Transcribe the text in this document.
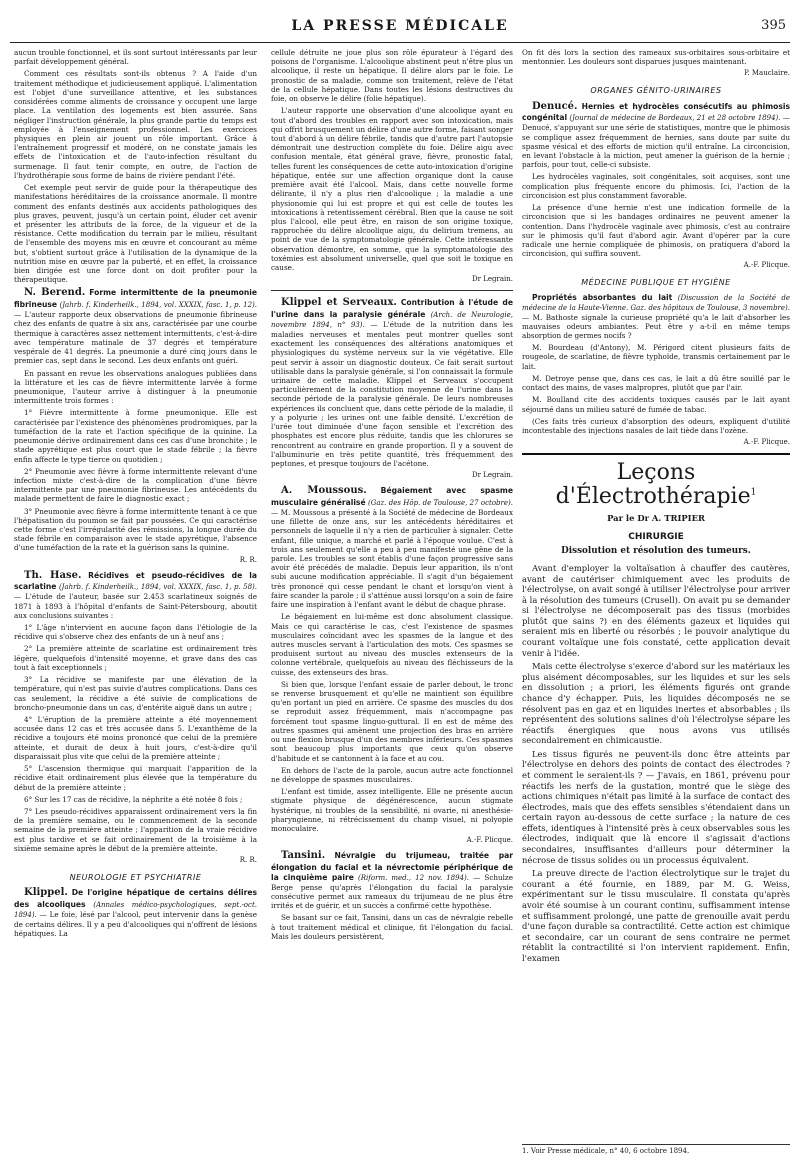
LA PRESSE MÉDICALE	395

aucun trouble fonctionnel, et ils sont surtout intéressants par leur parfait développement général.

Comment ces résultats sont-ils obtenus ? A l'aide d'un traitement méthodique et judicieusement appliqué. L'alimentation est l'objet d'une surveillance attentive, et les substances considérées comme aliments de croissance y occupent une large place. La ventilation des logements est bien assurée. Sans négliger l'instruction générale, la plus grande partie du temps est employée à l'enseignement professionnel. Les exercices physiques en plein air jouent un rôle important. Grâce à l'entraînement progressif et modéré, on ne constate jamais les effets de l'intoxication et de l'auto-infection résultant du surmenage. Il faut tenir compte, en outre, de l'action de l'hydrothérapie sous forme de bains de rivière pendant l'été.

Cet exemple peut servir de guide pour la thérapeutique des manifestations héréditaires de la croissance anormale. Il montre comment des enfants destinés aux accidents pathologiques des plus graves, peuvent, jusqu'à un certain point, éluder cet avenir et présenter les attributs de la force, de la vigueur et de la résistance. Cette modification du terrain par le milieu, résultant de l'ensemble des moyens mis en œuvre et concourant au même but, s'obtient surtout grâce à l'utilisation de la dynamique de la nutrition mise en œuvre par la puberté, et en effet, la croissance bien dirigée est une force dont on doit profiter pour la thérapeutique.

N. Berend. Forme intermittente de la pneumonie fibrineuse (Jahrb. f. Kinderheilk., 1894, vol. XXXIX, fasc. 1, p. 12). — L'auteur rapporte deux observations de pneumonie fibrineuse chez des enfants de quatre à six ans, caractérisée par une courbe thermique à caractères assez nettement intermittents, c'est-à-dire avec température matinale de 37 degrés et température vespérale de 41 degrés. La pneumonie a duré cinq jours dans le premier cas, sept dans le second. Les deux enfants ont guéri.

En passant en revue les observations analogues publiées dans la littérature et les cas de fièvre intermittente larvée à forme pneumonique, l'auteur arrive à distinguer à la pneumonie intermittente trois formes :

1° Fièvre intermittente à forme pneumonique. Elle est caractérisée par l'existence des phénomènes prodromiques, par la tuméfaction de la rate et l'action spécifique de la quinine. La pneumonie dérive ordinairement dans ces cas d'une bronchite ; le stade apyrétique est plus court que le stade fébrile ; la fièvre enfin affecte le type tierce ou quotidien ;

2° Pneumonie avec fièvre à forme intermittente relevant d'une infection mixte c'est-à-dire de la complication d'une fièvre intermittente par une pneumonie fibrineuse. Les antécédents du malade permettent de faire le diagnostic exact ;

3° Pneumonie avec fièvre à forme intermittente tenant à ce que l'hépatisation du poumon se fait par poussées. Ce qui caractérise cette forme c'est l'irrégularité des rémissions, la longue durée du stade fébrile en comparaison avec le stade apyrétique, l'absence d'une tuméfaction de la rate et la guérison sans la quinine.

R. R.

Th. Hase. Récidives et pseudo-récidives de la scarlatine (Jahrb. f. Kinderheilk., 1894, vol. XXXIX, fasc. 1, p. 58). — L'étude de l'auteur, basée sur 2.453 scarlatineux soignés de 1871 à 1893 à l'hôpital d'enfants de Saint-Pétersbourg, aboutit aux conclusions suivantes :

1° L'âge n'intervient en aucune façon dans l'étiologie de la récidive qui s'observe chez des enfants de un à neuf ans ;

2° La première atteinte de scarlatine est ordinairement très légère, quelquefois d'intensité moyenne, et grave dans des cas tout à fait exceptionnels ;

3° La récidive se manifeste par une élévation de la température, qui n'est pas suivie d'autres complications. Dans ces cas seulement, la récidive a été suivie de complications de broncho-pneumonie dans un cas, d'entérite aiguë dans un autre ;

4° L'éruption de la première atteinte a été moyennement accusée dans 12 cas et très accusée dans 5. L'exanthème de la récidive a toujours été moins prononcé que celui de la première atteinte, et durait de deux à huit jours, c'est-à-dire qu'il disparaissait plus vite que celui de la première atteinte ;

5° L'ascension thermique qui marquait l'apparition de la récidive était ordinairement plus élevée que la température du début de la première atteinte ;

6° Sur les 17 cas de récidive, la néphrite a été notée 8 fois ;

7° Les pseudo-récidives apparaissent ordinairement vers la fin de la première semaine, ou le commencement de la seconde semaine de la première atteinte ; l'apparition de la vraie récidive est plus tardive et se fait ordinairement de la troisième à la sixième semaine après le début de la première atteinte.

R. R.
NEUROLOGIE ET PSYCHIATRIE

Klippel. De l'origine hépatique de certains délires des alcooliques (Annales médico-psychologiques, sept.-oct. 1894). — Le foie, lésé par l'alcool, peut intervenir dans la genèse de certains délires. Il y a peu d'alcooliques qui n'offrent de lésions hépatiques. La

cellule détruite ne joue plus son rôle épurateur à l'égard des poisons de l'organisme. L'alcoolique abstinent peut n'être plus un alcoolique, il reste un hépatique. Il délire alors par le foie. Le pronostic de sa maladie, comme son traitement, relève de l'état de la cellule hépatique. Dans toutes les lésions destructives du foie, on observe le délire (folie hépatique).

L'auteur rapporte une observation d'une alcoolique ayant eu tout d'abord des troubles en rapport avec son intoxication, mais qui offrit brusquement un délire d'une autre forme, faisant songer tout d'abord à un délire fébrile, tandis que d'autre part l'autopsie démontrait une destruction complète du foie. Délire aigu avec confusion mentale, état général grave, fièvre, pronostic fatal, telles furent les conséquences de cette auto-intoxication d'origine hépatique, entée sur une affection organique dont la cause première avait été l'alcool. Mais, dans cette nouvelle forme délirante, il n'y a plus rien d'alcoolique ; la maladie a une physionomie qui lui est propre et qui est celle de toutes les intoxications à retentissement cérébral. Bien que la cause ne soit plus l'alcool, elle peut être, en raison de son origine toxique, rapprochée du délire alcoolique aigu, du delirium tremens, au point de vue de la symptomatologie générale. Cette intéressante observation démontre, en somme, que la symptomatologie des toxémies est absolument universelle, quel que soit le toxique en cause.

Dr Legrain.

Klippel et Serveaux. Contribution à l'étude de l'urine dans la paralysie générale (Arch. de Neurologie, novembre 1894, n° 93). — L'étude de la nutrition dans les maladies nerveuses et mentales peut montrer quelles sont exactement les conséquences des altérations anatomiques et physiologiques du système nerveux sur la vie végétative. Elle peut servir à assoir un diagnostic douteux. Ce fait serait surtout utilisable dans la paralysie générale, si l'on connaissait la formule urinaire de cette maladie. Klippel et Serveaux s'occupent particulièrement de la constitution moyenne de l'urine dans la seconde période de la paralysie générale. De leurs nombreuses expériences ils concluent que, dans cette période de la maladie, il y a polyurie ; les urines ont une faible densité. L'excrétion de l'urée tout diminuée d'une façon sensible et l'excrétion des phosphates est encore plus réduite, tandis que les chlorures se rencontrent au contraire en grande proportion. Il y a souvent de l'albuminurie en très petite quantité, très fréquemment des peptones, et presque toujours de l'acétone.

Dr Legrain.

A. Moussous. Bégaiement avec spasme musculaire généralisé (Gaz. des Hôp. de Toulouse, 27 octobre). — M. Moussous a présenté à la Société de médecine de Bordeaux une fillette de onze ans, sur les antécédents héréditaires et personnels de laquelle il n'y a rien de particulier à signaler. Cette enfant, fille unique, a marché et parlé à l'époque voulue. C'est à trois ans seulement qu'elle a peu à peu manifesté une gêne de la parole. Les troubles se sont établis d'une façon progressive sans avoir été précédés de maladie. Depuis leur apparition, ils n'ont subi aucune modification appréciable. Il s'agit d'un bégaiement très prononcé qui cesse pendant le chant et lorsqu'on vient à faire scander la parole ; il s'atténue aussi lorsqu'on a soin de faire faire une inspiration à l'enfant avant le début de chaque phrase.

Le bégaiement en lui-même est donc absolument classique. Mais ce qui caractérise le cas, c'est l'existence de spasmes musculaires coïncidant avec les spasmes de la langue et des autres muscles servant à l'articulation des mots. Ces spasmes se produisent surtout au niveau des muscles extenseurs de la colonne vertébrale, quelquefois au niveau des fléchisseurs de la cuisse, des extenseurs des bras.

Si bien que, lorsque l'enfant essaie de parler debout, le tronc se renverse brusquement et qu'elle ne maintient son équilibre qu'en portant un pied en arrière. Ce spasme des muscles du dos se reproduit assez fréquemment, mais n'accompagne pas forcément tout spasme linguo-guttural. Il en est de même des autres spasmes qui amènent une projection des bras en arrière ou une flexion brusque d'un des membres inférieurs. Ces spasmes sont beaucoup plus importants que ceux qu'on observe d'habitude et se cantonnent à la face et au cou.

En dehors de l'acte de la parole, aucun autre acte fonctionnel ne développe de spasmes musculaires.

L'enfant est timide, assez intelligente. Elle ne présente aucun stigmate physique de dégénérescence, aucun stigmate hystérique, ni troubles de la sensibilité, ni ovarie, ni anesthésie-pharyngienne, ni rétrécissement du champ visuel, ni polyopie monoculaire.

A.-F. Plicque.

Tansini. Névralgie du trijumeau, traitée par élongation du facial et la névrectomie périphérique de la cinquième paire (Riform. med., 12 nov. 1894). — Schulze Berge pense qu'après l'élongation du facial la paralysie consécutive permet aux rameaux du trijumeau de ne plus être irrités et de guérir, et un succès a confirmé cette hypothèse.

Se basant sur ce fait, Tansini, dans un cas de névralgie rebelle à tout traitement médical et clinique, fit l'élongation du facial. Mais les douleurs persistèrent,

On fit dès lors la section des rameaux sus-orbitaires sous-orbitaire et mentonnier. Les douleurs sont disparues jusques maintenant.

P. Mauclaire.
ORGANES GÉNITO-URINAIRES

Denucé. Hernies et hydrocèles consécutifs au phimosis congénital (Journal de médecine de Bordeaux, 21 et 28 octobre 1894). — Denucé, s'appuyant sur une série de statistiques, montre que le phimosis se complique assez fréquemment de hernies, sans doute par suite du spasme vésical et des efforts de miction qu'il entraîne. La circoncision, en levant l'obstacle à la miction, peut amener la guérison de la hernie ; parfois, pour tout, celle-ci subsiste.

Les hydrocèles vaginales, soit congénitales, soit acquises, sont une complication plus fréquente encore du phimosis. Ici, l'action de la circoncision est plus constamment favorable.

La présence d'une hernie n'est une indication formelle de la circoncision que si les bandages ordinaires ne peuvent amener la contention. Dans l'hydrocèle vaginale avec phimosis, c'est au contraire sur le phimosis qu'il faut d'abord agir. Avant d'opérer par la cure radicale une hernie compliquée de phimosis, on pratiquera d'abord la circoncision, qui suffira souvent.

A.-F. Plicque.
MÉDECINE PUBLIQUE ET HYGIÈNE

Propriétés absorbantes du lait (Discussion de la Société de médecine de la Haute-Vienne. Gaz. des hôpitaux de Toulouse, 3 novembre). — M. Bathoste signale la curieuse propriété qu'a le lait d'absorber les mauvaises odeurs ambiantes. Peut être y a-t-il en même temps absorption de germes nocifs ?

M. Bourdeau (d'Antony), M. Périgord citent plusieurs faits de rougeole, de scarlatine, de fièvre typhoïde, transmis certainement par le lait.

M. Detroye pense que, dans ces cas, le lait a dû être souillé par le contact des mains, de vases malpropres, plutôt que par l'air.

M. Boulland cite des accidents toxiques causés par le lait ayant séjourné dans un milieu saturé de fumée de tabac.

(Ces faits très curieux d'absorption des odeurs, expliquent d'utilité incontestable des injections nasales de lait tiède dans l'ozène.

A.-F. Plicque.
Leçons d'Électrothérapie$^1$
Par le Dr A. TRIPIER
CHIRURGIE
Dissolution et résolution des tumeurs.

Avant d'employer la voltaïsation à chauffer des cautères, avant de cautériser chimiquement avec les produits de l'électrolyse, on avait songé à utiliser l'électrolyse pour arriver à la résolution des tumeurs (Crusell). On avait pu se demander si l'électrolyse ne décomposerait pas des tissus (morbides plutôt que sains ?) en des éléments gazeux et liquides qui seraient mis en liberté ou résorbés ; le pouvoir analytique du courant voltaïque une fois constaté, cette application devait venir à l'idée.

Mais cette électrolyse s'exerce d'abord sur les matériaux les plus aisément décomposables, sur les liquides et sur les sels en dissolution ; a priori, les éléments figurés ont grande chance d'y échapper. Puis, les liquides décomposés ne se résolvent pas en gaz et en liquides inertes et absorbables ; ils représentent des solutions salines d'où l'électrolyse sépare les réactifs énergiques que nous avons vus utilisés secondairement en chimicaustie.

Les tissus figurés ne peuvent-ils donc être atteints par l'électrolyse en dehors des points de contact des électrodes ? et comment le seraient-ils ? — J'avais, en 1861, prévenu pour réactifs les nerfs de la gustation, montré que le siège des actions chimiques n'était pas limité à la surface de contact des électrodes, mais que des effets sensibles s'étendaient dans un certain rayon au-dessous de cette surface ; la nature de ces effets, identiques à l'intensité près à ceux observables sous les électrodes, indiquait que là encore il s'agissait d'actions secondaires, insuffisantes d'ailleurs pour déterminer la nécrose de tissus solides ou un processus équivalent.

La preuve directe de l'action électrolytique sur le trajet du courant a été fournie, en 1889, par M. G. Weiss, expérimentant sur le tissu musculaire. Il constata qu'après avoir été soumise à un courant continu, suffisamment intense et suffisamment prolongé, une patte de grenouille avait perdu d'une façon durable sa contractilité. Cette action est chimique et secondaire, car un courant de sens contraire ne permet rétablit la contractilité si l'on intervient rapidement. Enfin, l'examen

1. Voir Presse médicale, n° 40, 6 octobre 1894.
